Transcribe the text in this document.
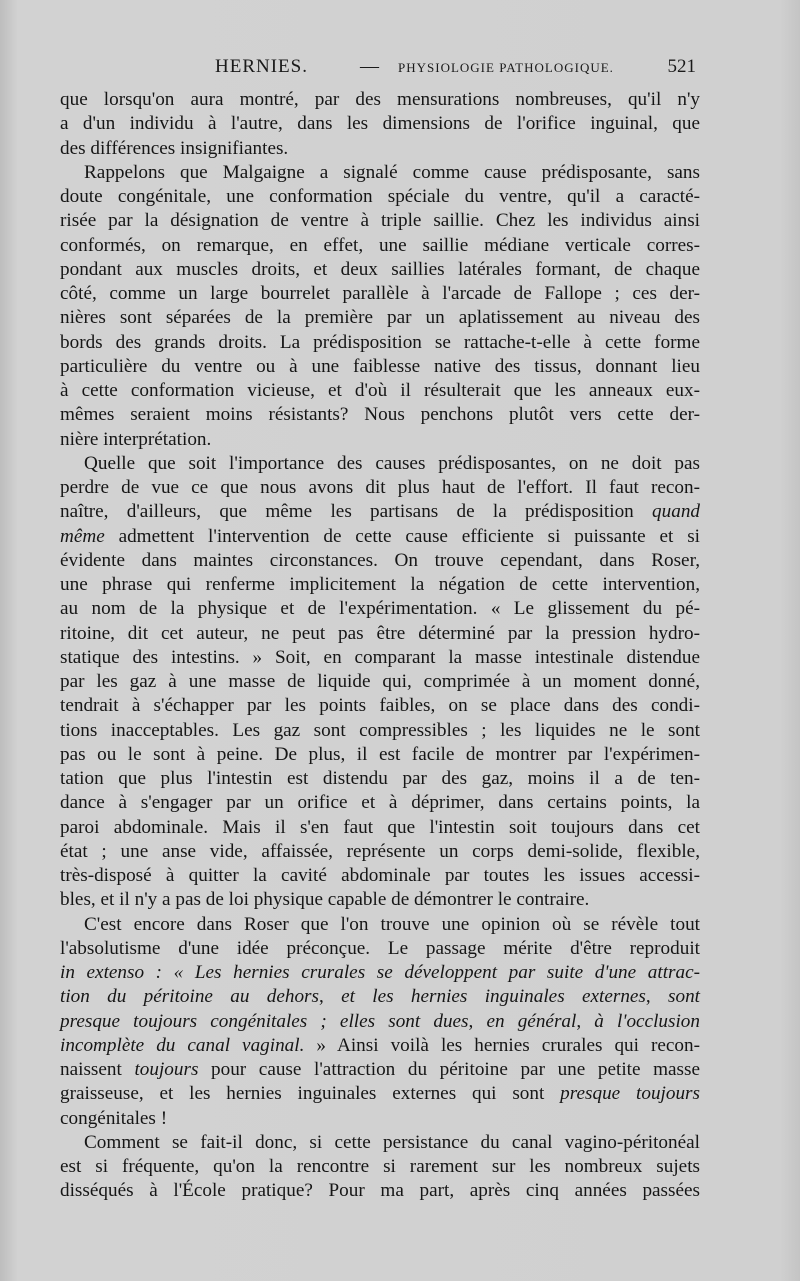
HERNIES.	— PHYSIOLOGIE PATHOLOGIQUE.	521
que lorsqu'on aura montré, par des mensurations nombreuses, qu'il n'y
a d'un individu à l'autre, dans les dimensions de l'orifice inguinal, que
des différences insignifiantes.
Rappelons que Malgaigne a signalé comme cause prédisposante, sans
doute congénitale, une conformation spéciale du ventre, qu'il a caracté-
risée par la désignation de ventre à triple saillie. Chez les individus ainsi
conformés, on remarque, en effet, une saillie médiane verticale corres-
pondant aux muscles droits, et deux saillies latérales formant, de chaque
côté, comme un large bourrelet parallèle à l'arcade de Fallope ; ces der-
nières sont séparées de la première par un aplatissement au niveau des
bords des grands droits. La prédisposition se rattache-t-elle à cette forme
particulière du ventre ou à une faiblesse native des tissus, donnant lieu
à cette conformation vicieuse, et d'où il résulterait que les anneaux eux-
mêmes seraient moins résistants? Nous penchons plutôt vers cette der-
nière interprétation.
Quelle que soit l'importance des causes prédisposantes, on ne doit pas
perdre de vue ce que nous avons dit plus haut de l'effort. Il faut recon-
naître, d'ailleurs, que même les partisans de la prédisposition quand
même admettent l'intervention de cette cause efficiente si puissante et si
évidente dans maintes circonstances. On trouve cependant, dans Roser,
une phrase qui renferme implicitement la négation de cette intervention,
au nom de la physique et de l'expérimentation. « Le glissement du pé-
ritoine, dit cet auteur, ne peut pas être déterminé par la pression hydro-
statique des intestins. » Soit, en comparant la masse intestinale distendue
par les gaz à une masse de liquide qui, comprimée à un moment donné,
tendrait à s'échapper par les points faibles, on se place dans des condi-
tions inacceptables. Les gaz sont compressibles ; les liquides ne le sont
pas ou le sont à peine. De plus, il est facile de montrer par l'expérimen-
tation que plus l'intestin est distendu par des gaz, moins il a de ten-
dance à s'engager par un orifice et à déprimer, dans certains points, la
paroi abdominale. Mais il s'en faut que l'intestin soit toujours dans cet
état ; une anse vide, affaissée, représente un corps demi-solide, flexible,
très-disposé à quitter la cavité abdominale par toutes les issues accessi-
bles, et il n'y a pas de loi physique capable de démontrer le contraire.
C'est encore dans Roser que l'on trouve une opinion où se révèle tout
l'absolutisme d'une idée préconçue. Le passage mérite d'être reproduit
in extenso : « Les hernies crurales se développent par suite d'une attrac-
tion du péritoine au dehors, et les hernies inguinales externes, sont
presque toujours congénitales ; elles sont dues, en général, à l'occlusion
incomplète du canal vaginal. » Ainsi voilà les hernies crurales qui recon-
naissent toujours pour cause l'attraction du péritoine par une petite masse
graisseuse, et les hernies inguinales externes qui sont presque toujours
congénitales !
Comment se fait-il donc, si cette persistance du canal vagino-péritonéal
est si fréquente, qu'on la rencontre si rarement sur les nombreux sujets
disséqués à l'École pratique? Pour ma part, après cinq années passées
